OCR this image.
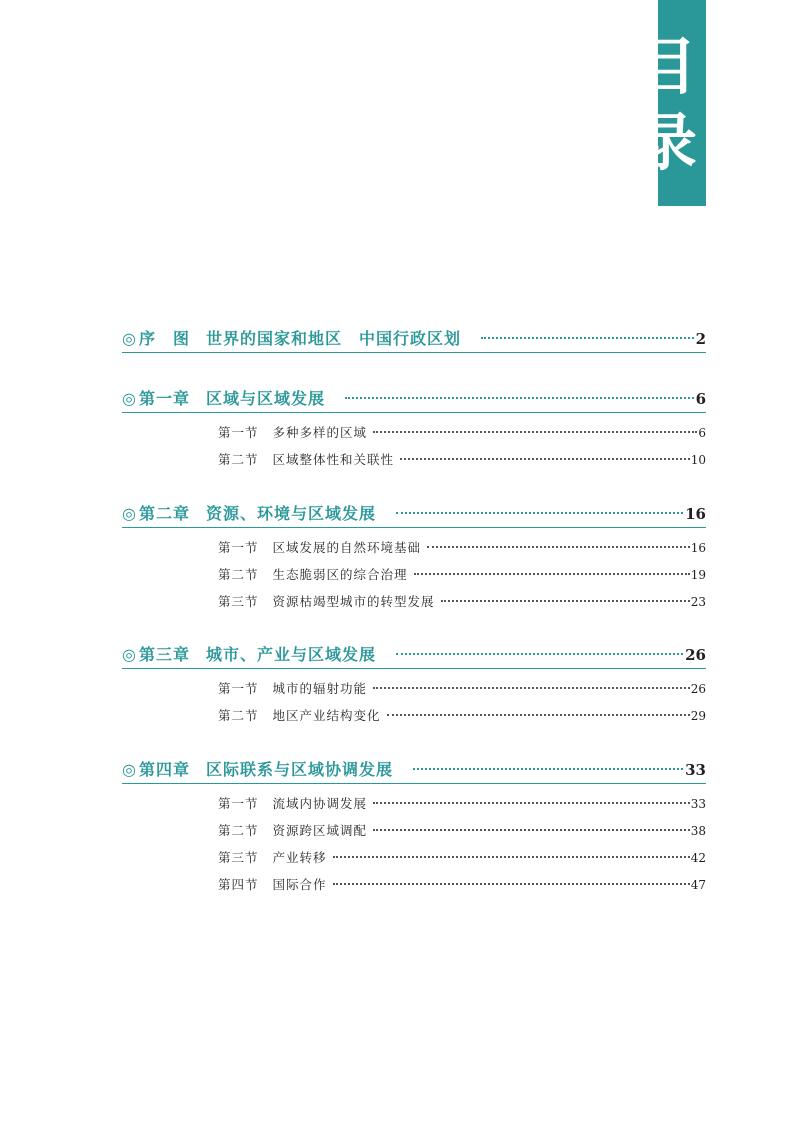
目
录
◎ 序　图 世界的国家和地区　中国行政区划	2
◎ 第一章 区域与区域发展	6
第一节 多种多样的区域	6
第二节 区域整体性和关联性	10
◎ 第二章 资源、环境与区域发展	16
第一节 区域发展的自然环境基础	16
第二节 生态脆弱区的综合治理	19
第三节 资源枯竭型城市的转型发展	23
◎ 第三章 城市、产业与区域发展	26
第一节 城市的辐射功能	26
第二节 地区产业结构变化	29
◎ 第四章 区际联系与区域协调发展	33
第一节 流域内协调发展	33
第二节 资源跨区域调配	38
第三节 产业转移	42
第四节 国际合作	47
